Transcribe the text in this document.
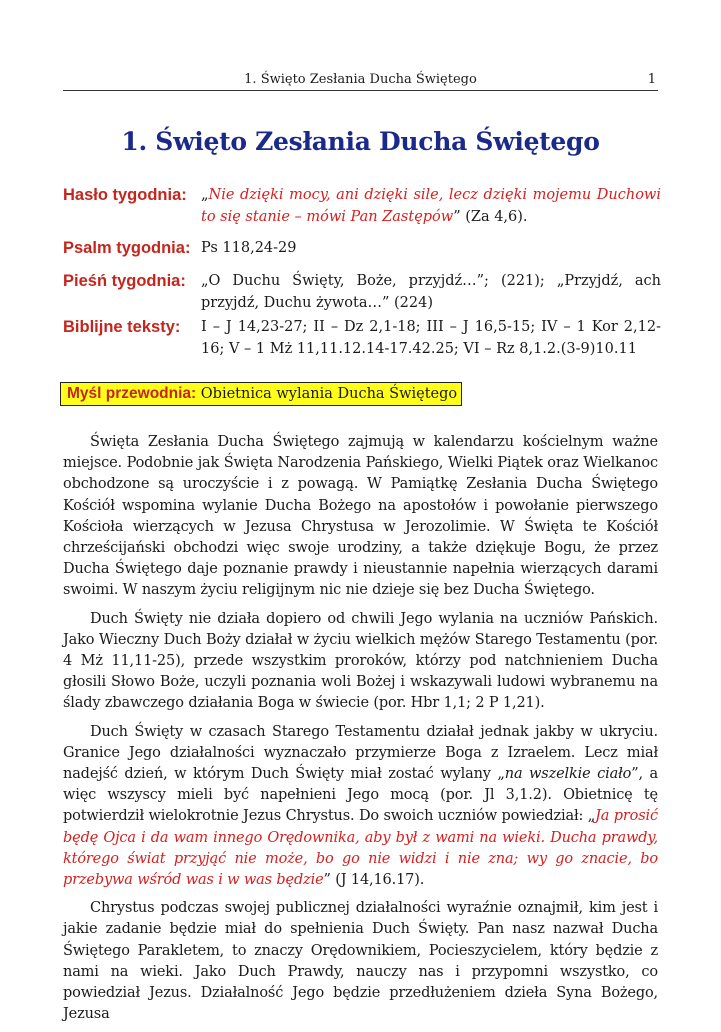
1. Święto Zesłania Ducha Świętego	1
1. Święto Zesłania Ducha Świętego
Hasło tygodnia: „Nie dzięki mocy, ani dzięki sile, lecz dzięki mojemu Duchowi to się stanie – mówi Pan Zastępów” (Za 4,6).
Psalm tygodnia: Ps 118,24-29
Pieśń tygodnia: „O Duchu Święty, Boże, przyjdź…”; (221); „Przyjdź, ach przyjdź, Duchu żywota…” (224)
Biblijne teksty: I – J 14,23-27; II – Dz 2,1-18; III – J 16,5-15; IV – 1 Kor 2,12-16; V – 1 Mż 11,11.12.14-17.42.25; VI – Rz 8,1.2.(3-9)10.11
Myśl przewodnia: Obietnica wylania Ducha Świętego

Święta Zesłania Ducha Świętego zajmują w kalendarzu kościelnym ważne miejsce. Podobnie jak Święta Narodzenia Pańskiego, Wielki Piątek oraz Wielkanoc obchodzone są uroczyście i z powagą. W Pamiątkę Zesłania Ducha Świętego Kościół wspomina wylanie Ducha Bożego na apostołów i powołanie pierwszego Kościoła wierzących w Jezusa Chrystusa w Jerozolimie. W Święta te Kościół chrześcijański obchodzi więc swoje urodziny, a także dziękuje Bogu, że przez Ducha Świętego daje poznanie prawdy i nieustannie napełnia wierzących darami swoimi. W naszym życiu religijnym nic nie dzieje się bez Ducha Świętego.

Duch Święty nie działa dopiero od chwili Jego wylania na uczniów Pańskich. Jako Wieczny Duch Boży działał w życiu wielkich mężów Starego Testamentu (por. 4 Mż 11,11-25), przede wszystkim proroków, którzy pod natchnieniem Ducha głosili Słowo Boże, uczyli poznania woli Bożej i wskazywali ludowi wybranemu na ślady zbawczego działania Boga w świecie (por. Hbr 1,1; 2 P 1,21).

Duch Święty w czasach Starego Testamentu działał jednak jakby w ukryciu. Granice Jego działalności wyznaczało przymierze Boga z Izraelem. Lecz miał nadejść dzień, w którym Duch Święty miał zostać wylany „na wszelkie ciało”, a więc wszyscy mieli być napełnieni Jego mocą (por. Jl 3,1.2). Obietnicę tę potwierdził wielokrotnie Jezus Chrystus. Do swoich uczniów powiedział: „Ja prosić będę Ojca i da wam innego Orędownika, aby był z wami na wieki. Ducha prawdy, którego świat przyjąć nie może, bo go nie widzi i nie zna; wy go znacie, bo przebywa wśród was i w was będzie” (J 14,16.17).

Chrystus podczas swojej publicznej działalności wyraźnie oznajmił, kim jest i jakie zadanie będzie miał do spełnienia Duch Święty. Pan nasz nazwał Ducha Świętego Parakletem, to znaczy Orędownikiem, Pocieszycielem, który będzie z nami na wieki. Jako Duch Prawdy, nauczy nas i przypomni wszystko, co powiedział Jezus. Działalność Jego będzie przedłużeniem dzieła Syna Bożego, Jezusa
